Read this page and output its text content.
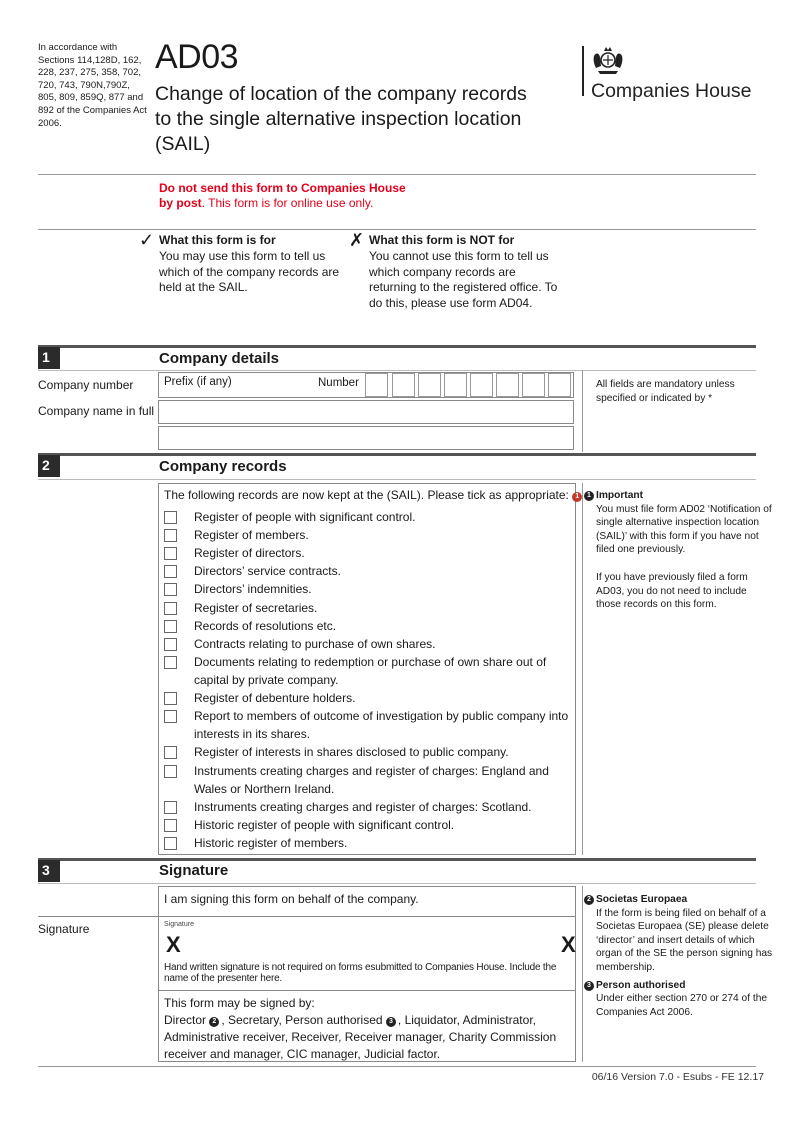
In accordance with Sections 114,128D, 162, 228, 237, 275, 358, 702, 720, 743, 790N,790Z, 805, 809, 859Q, 877 and 892 of the Companies Act 2006.
AD03
Change of location of the company records
to the single alternative inspection location
(SAIL)
Companies House
Do not send this form to Companies House by post. This form is for online use only.
✓ What this form is for
You may use this form to tell us which of the company records are held at the SAIL.
✗ What this form is NOT for
You cannot use this form to tell us which company records are returning to the registered office. To do this, please use form AD04.
1	Company details
Company number	Prefix (if any)	Number
Company name in full
All fields are mandatory unless specified or indicated by *
2	Company records
The following records are now kept at the (SAIL). Please tick as appropriate: 1
Register of people with significant control.
Register of members.
Register of directors.
Directors’ service contracts.
Directors’ indemnities.
Register of secretaries.
Records of resolutions etc.
Contracts relating to purchase of own shares.
Documents relating to redemption or purchase of own share out of capital by private company.
Register of debenture holders.
Report to members of outcome of investigation by public company into interests in its shares.
Register of interests in shares disclosed to public company.
Instruments creating charges and register of charges: England and Wales or Northern Ireland.
Instruments creating charges and register of charges: Scotland.
Historic register of people with significant control.
Historic register of members.
1 Important
You must file form AD02 ‘Notification of single alternative inspection location (SAIL)’ with this form if you have not filed one previously.
If you have previously filed a form AD03, you do not need to include those records on this form.
3	Signature
I am signing this form on behalf of the company.
Signature	Signature
X	X
Hand written signature is not required on forms esubmitted to Companies House. Include the name of the presenter here.
This form may be signed by:
Director 2 , Secretary, Person authorised 3 , Liquidator, Administrator, Administrative receiver, Receiver, Receiver manager, Charity Commission receiver and manager, CIC manager, Judicial factor.
2 Societas Europaea
If the form is being filed on behalf of a Societas Europaea (SE) please delete ‘director’ and insert details of which organ of the SE the person signing has membership.
3 Person authorised
Under either section 270 or 274 of the Companies Act 2006.
06/16 Version 7.0 - Esubs - FE 12.17
